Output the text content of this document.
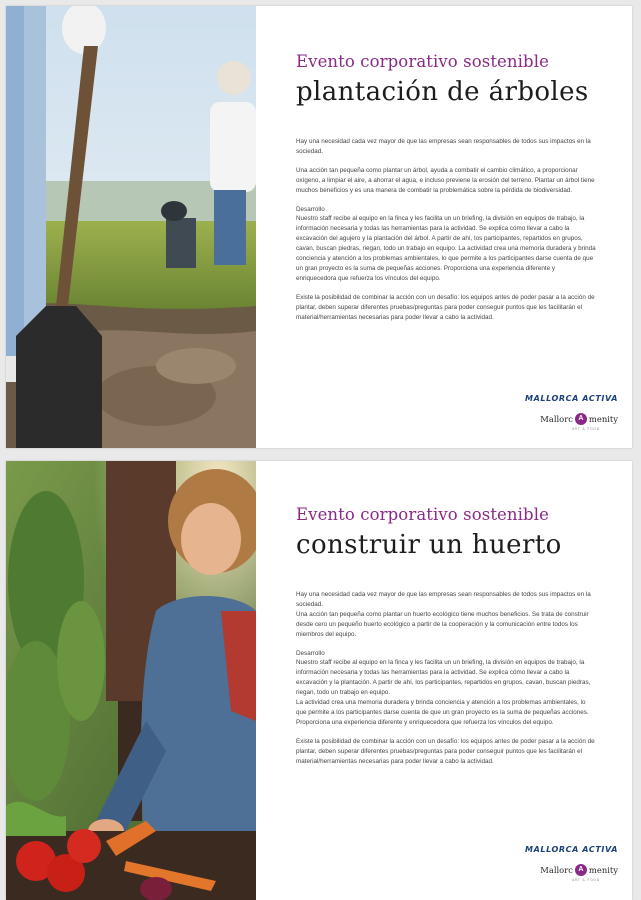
Evento corporativo sostenible
plantación de árboles

Hay una necesidad cada vez mayor de que las empresas sean responsables de todos sus impactos en la sociedad.

Una acción tan pequeña como plantar un árbol, ayuda a combatir el cambio climático, a proporcionar oxígeno, a limpiar el aire, a ahorrar el agua, e incluso previene la erosión del terreno. Plantar un árbol tiene muchos beneficios y es una manera de combatir la problemática sobre la pérdida de biodiversidad.

Desarrollo

Nuestro staff recibe al equipo en la finca y les facilita un un briefing, la división en equipos de trabajo, la información necesaria y todas las herramientas para la actividad. Se explica cómo llevar a cabo la excavación del agujero y la plantación del árbol. A partir de ahí, los participantes, repartidos en grupos, cavan, buscan piedras, riegan, todo un trabajo en equipo. La actividad crea una memoria duradera y brinda conciencia y atención a los problemas ambientales, lo que permite a los participantes darse cuenta de que un gran proyecto es la suma de pequeñas acciones. Proporciona una experiencia diferente y enriquecedora que refuerza los vínculos del equipo.

Existe la posibilidad de combinar la acción con un desafío: los equipos antes de poder pasar a la acción de plantar, deben superar diferentes pruebas/preguntas para poder conseguir puntos que les facilitarán el material/herramientas necesarias para poder llevar a cabo la actividad.

MALLORCA ACTIVA
Mallorc A menity
ART & FOOD
Evento corporativo sostenible
construir un huerto

Hay una necesidad cada vez mayor de que las empresas sean responsables de todos sus impactos en la sociedad.

Una acción tan pequeña como plantar un huerto ecológico tiene muchos beneficios. Se trata de construir desde cero un pequeño huerto ecológico a partir de la cooperación y la comunicación entre todos los miembros del equipo.

Desarrollo

Nuestro staff recibe al equipo en la finca y les facilita un un briefing, la división en equipos de trabajo, la información necesaria y todas las herramientas para la actividad. Se explica cómo llevar a cabo la excavación y la plantación. A partir de ahí, los participantes, repartidos en grupos, cavan, buscan piedras, riegan, todo un trabajo en equipo.

La actividad crea una memoria duradera y brinda conciencia y atención a los problemas ambientales, lo que permite a los participantes darse cuenta de que un gran proyecto es la suma de pequeñas acciones. Proporciona una experiencia diferente y enriquecedora que refuerza los vínculos del equipo.

Existe la posibilidad de combinar la acción con un desafío: los equipos antes de poder pasar a la acción de plantar, deben superar diferentes pruebas/preguntas para poder conseguir puntos que les facilitarán el material/herramientas necesarias para poder llevar a cabo la actividad.

MALLORCA ACTIVA
Mallorc A menity
ART & FOOD
